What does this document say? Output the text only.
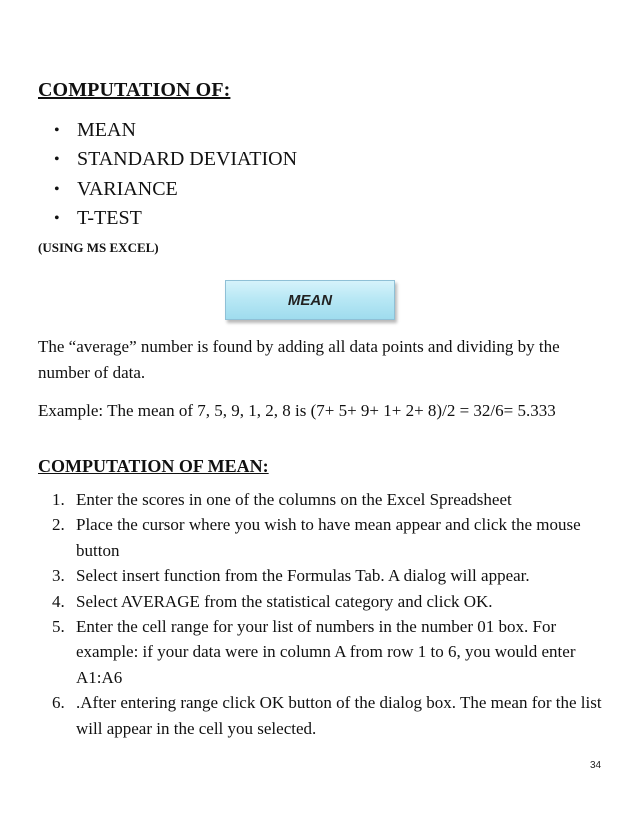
COMPUTATION OF:
• MEAN
• STANDARD DEVIATION
• VARIANCE
• T-TEST
(USING MS EXCEL)
MEAN

The “average” number is found by adding all data points and dividing by the number of data.

Example: The mean of 7, 5, 9, 1, 2, 8 is (7+ 5+ 9+ 1+ 2+ 8)/2 = 32/6= 5.333

COMPUTATION OF MEAN:
1. Enter the scores in one of the columns on the Excel Spreadsheet
2. Place the cursor where you wish to have mean appear and click the mouse button
3. Select insert function from the Formulas Tab. A dialog will appear.
4. Select AVERAGE from the statistical category and click OK.
5. Enter the cell range for your list of numbers in the number 01 box. For example: if your data were in column A from row 1 to 6, you would enter A1:A6
6. .After entering range click OK button of the dialog box. The mean for the list will appear in the cell you selected.
34
